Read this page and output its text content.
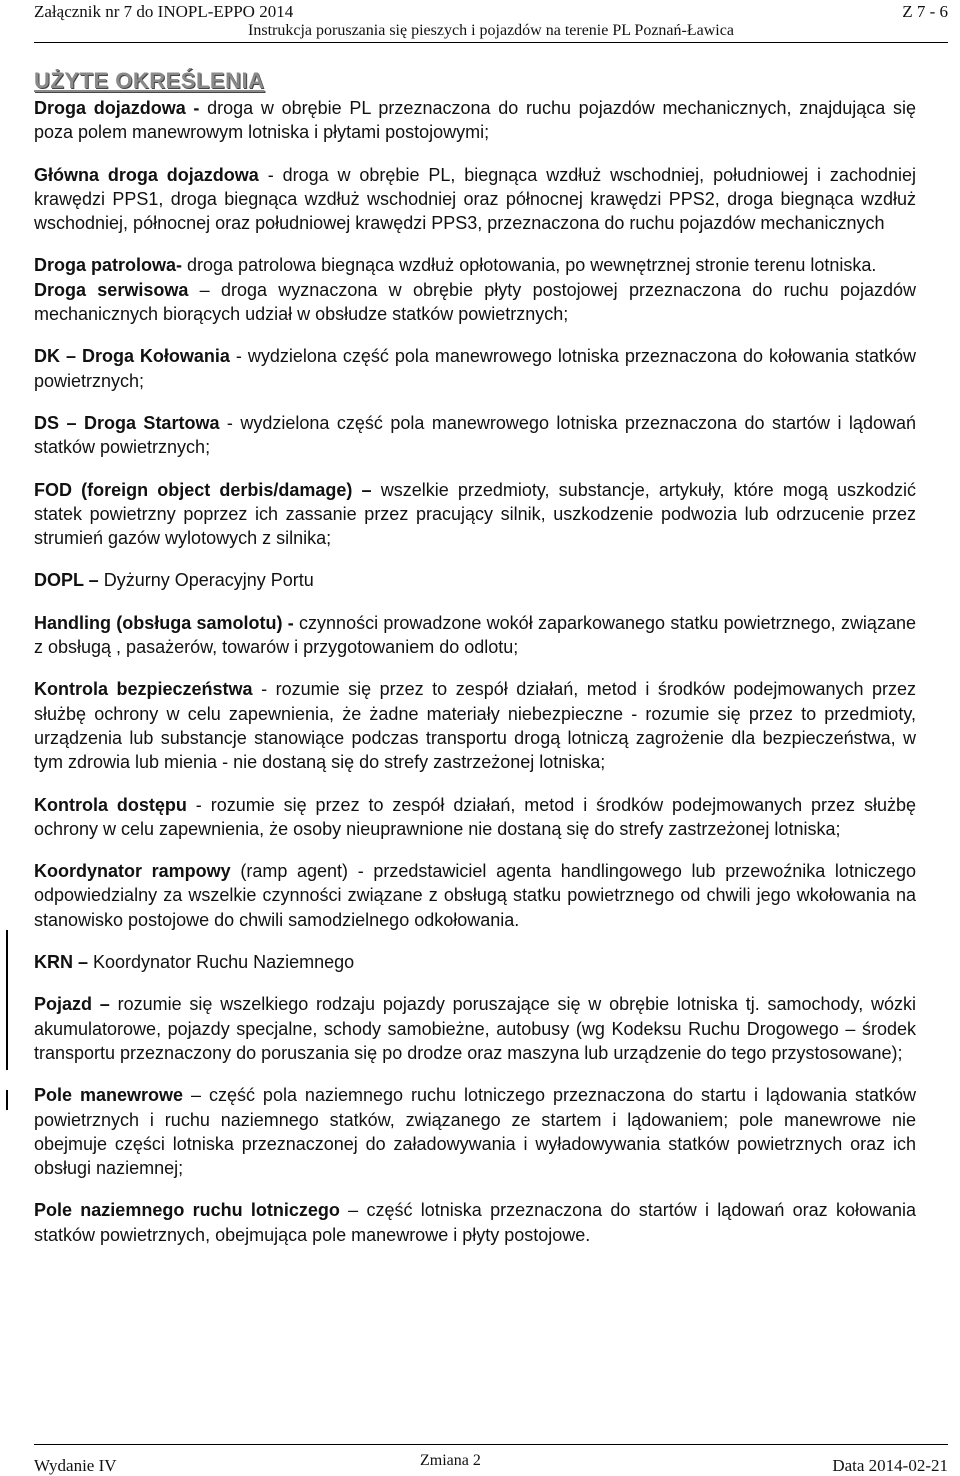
Załącznik nr 7 do INOPL-EPPO 2014	Z 7 - 6
Instrukcja poruszania się pieszych i pojazdów na terenie PL Poznań-Ławica
UŻYTE OKREŚLENIA

Droga dojazdowa - droga w obrębie PL przeznaczona do ruchu pojazdów mechanicznych, znajdująca się poza polem manewrowym lotniska i płytami postojowymi;

Główna droga dojazdowa - droga w obrębie PL, biegnąca wzdłuż wschodniej, południowej i zachodniej krawędzi PPS1, droga biegnąca wzdłuż wschodniej oraz północnej krawędzi PPS2, droga biegnąca wzdłuż wschodniej, północnej oraz południowej krawędzi PPS3, przeznaczona do ruchu pojazdów mechanicznych

Droga patrolowa- droga patrolowa biegnąca wzdłuż opłotowania, po wewnętrznej stronie terenu lotniska.

Droga serwisowa – droga wyznaczona w obrębie płyty postojowej przeznaczona do ruchu pojazdów mechanicznych biorących udział w obsłudze statków powietrznych;

DK – Droga Kołowania - wydzielona część pola manewrowego lotniska przeznaczona do kołowania statków powietrznych;

DS – Droga Startowa - wydzielona część pola manewrowego lotniska przeznaczona do startów i lądowań statków powietrznych;

FOD (foreign object derbis/damage) – wszelkie przedmioty, substancje, artykuły, które mogą uszkodzić statek powietrzny poprzez ich zassanie przez pracujący silnik, uszkodzenie podwozia lub odrzucenie przez strumień gazów wylotowych z silnika;

DOPL – Dyżurny Operacyjny Portu

Handling (obsługa samolotu) - czynności prowadzone wokół zaparkowanego statku powietrznego, związane z obsługą , pasażerów, towarów i przygotowaniem do odlotu;

Kontrola bezpieczeństwa - rozumie się przez to zespół działań, metod i środków podejmowanych przez służbę ochrony w celu zapewnienia, że żadne materiały niebezpieczne - rozumie się przez to przedmioty, urządzenia lub substancje stanowiące podczas transportu drogą lotniczą zagrożenie dla bezpieczeństwa, w tym zdrowia lub mienia - nie dostaną się do strefy zastrzeżonej lotniska;

Kontrola dostępu - rozumie się przez to zespół działań, metod i środków podejmowanych przez służbę ochrony w celu zapewnienia, że osoby nieuprawnione nie dostaną się do strefy zastrzeżonej lotniska;

Koordynator rampowy (ramp agent) - przedstawiciel agenta handlingowego lub przewoźnika lotniczego odpowiedzialny za wszelkie czynności związane z obsługą statku powietrznego od chwili jego wkołowania na stanowisko postojowe do chwili samodzielnego odkołowania.

KRN – Koordynator Ruchu Naziemnego

Pojazd – rozumie się wszelkiego rodzaju pojazdy poruszające się w obrębie lotniska tj. samochody, wózki akumulatorowe, pojazdy specjalne, schody samobieżne, autobusy (wg Kodeksu Ruchu Drogowego – środek transportu przeznaczony do poruszania się po drodze oraz maszyna lub urządzenie do tego przystosowane);

Pole manewrowe – część pola naziemnego ruchu lotniczego przeznaczona do startu i lądowania statków powietrznych i ruchu naziemnego statków, związanego ze startem i lądowaniem; pole manewrowe nie obejmuje części lotniska przeznaczonej do załadowywania i wyładowywania statków powietrznych oraz ich obsługi naziemnej;

Pole naziemnego ruchu lotniczego – część lotniska przeznaczona do startów i lądowań oraz kołowania statków powietrznych, obejmująca pole manewrowe i płyty postojowe.

Wydanie IV	Zmiana 2	Data 2014-02-21
